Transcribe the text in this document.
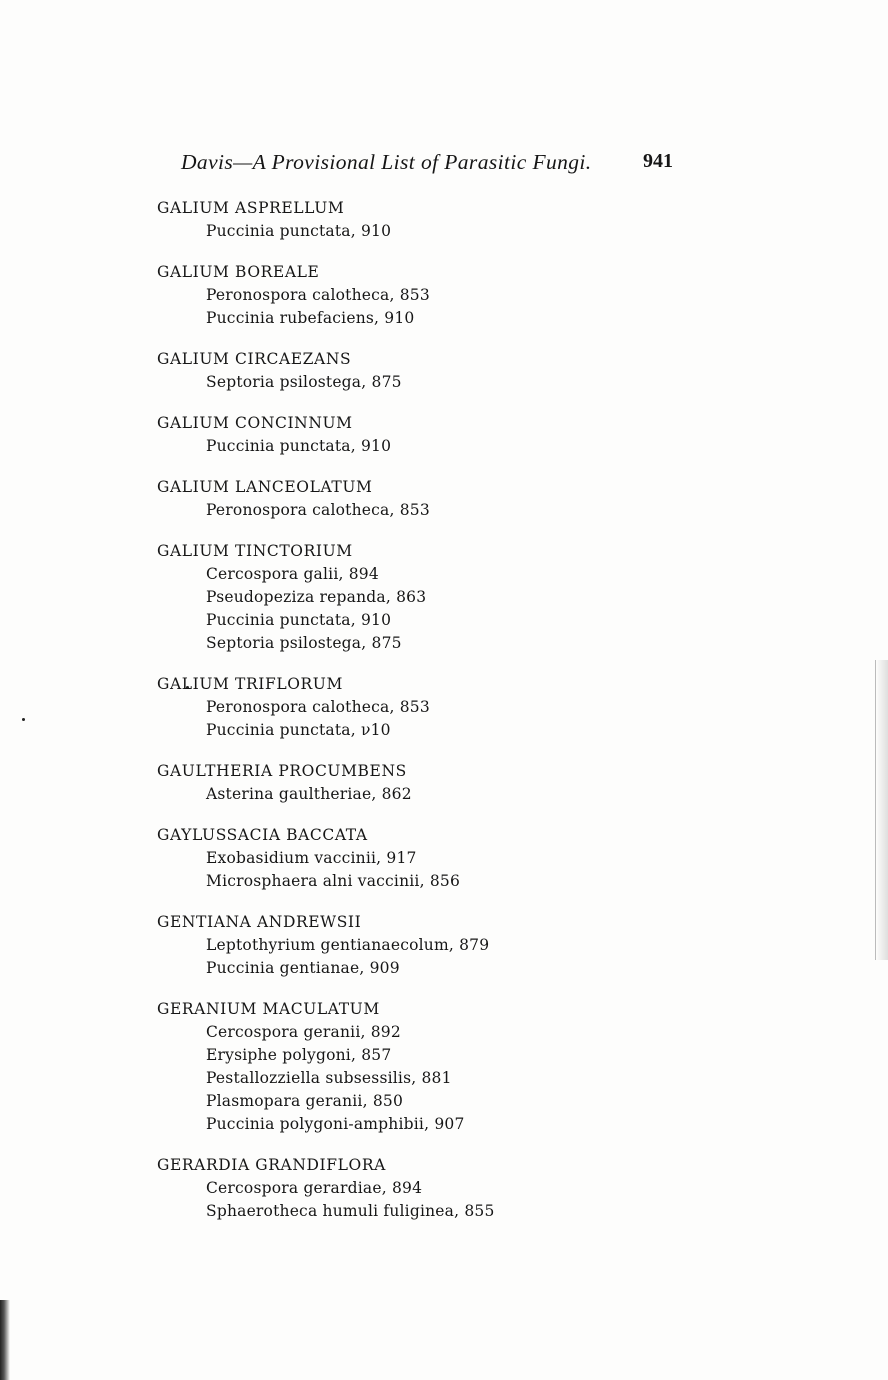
Davis—A Provisional List of Parasitic Fungi.	941
GALIUM ASPRELLUM
Puccinia punctata, 910
GALIUM BOREALE
Peronospora calotheca, 853
Puccinia rubefaciens, 910
GALIUM CIRCAEZANS
Septoria psilostega, 875
GALIUM CONCINNUM
Puccinia punctata, 910
GALIUM LANCEOLATUM
Peronospora calotheca, 853
GALIUM TINCTORIUM
Cercospora galii, 894
Pseudopeziza repanda, 863
Puccinia punctata, 910
Septoria psilostega, 875
GALIUM TRIFLORUM
Peronospora calotheca, 853
Puccinia punctata, ν10
GAULTHERIA PROCUMBENS
Asterina gaultheriae, 862
GAYLUSSACIA BACCATA
Exobasidium vaccinii, 917
Microsphaera alni vaccinii, 856
GENTIANA ANDREWSII
Leptothyrium gentianaecolum, 879
Puccinia gentianae, 909
GERANIUM MACULATUM
Cercospora geranii, 892
Erysiphe polygoni, 857
Pestallozziella subsessilis, 881
Plasmopara geranii, 850
Puccinia polygoni-amphibii, 907
GERARDIA GRANDIFLORA
Cercospora gerardiae, 894
Sphaerotheca humuli fuliginea, 855
